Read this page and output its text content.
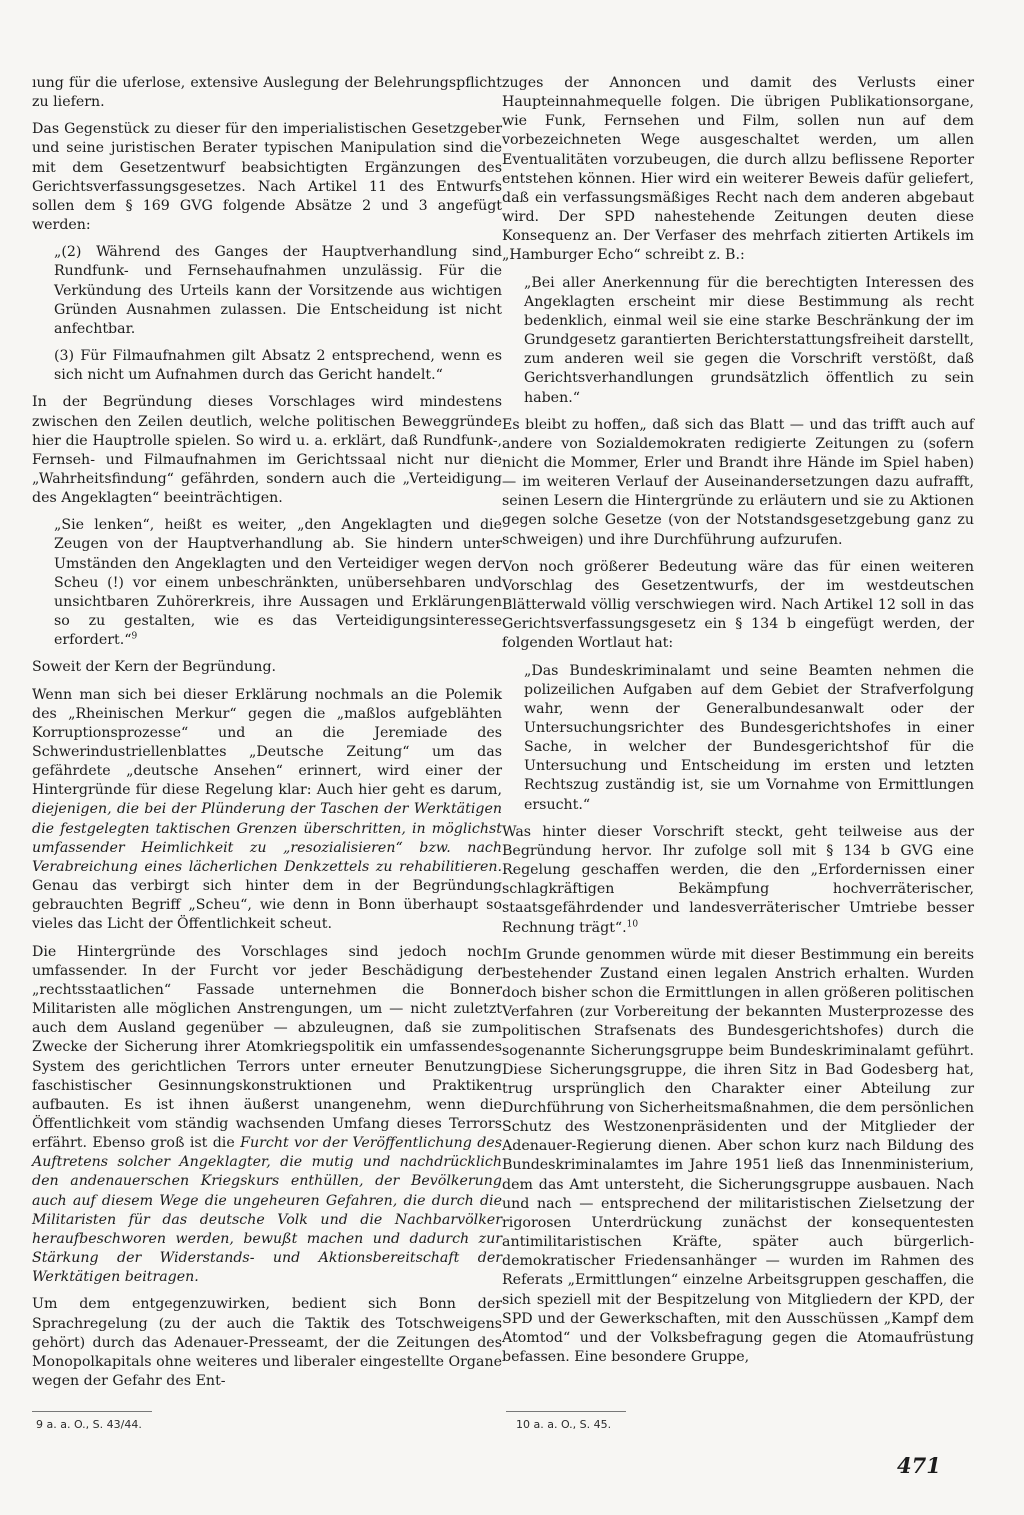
ıung für die uferlose, extensive Auslegung der Belehrungspflicht zu liefern.

Das Gegenstück zu dieser für den imperialistischen Gesetzgeber und seine juristischen Berater typischen Manipulation sind die mit dem Gesetzentwurf beabsichtigten Ergänzungen des Gerichtsverfassungsgesetzes. Nach Artikel 11 des Entwurfs sollen dem § 169 GVG folgende Absätze 2 und 3 angefügt werden:

„(2) Während des Ganges der Hauptverhandlung sind Rundfunk- und Fernsehaufnahmen unzulässig. Für die Verkündung des Urteils kann der Vorsitzende aus wichtigen Gründen Ausnahmen zulassen. Die Entscheidung ist nicht anfechtbar.

(3) Für Filmaufnahmen gilt Absatz 2 entsprechend, wenn es sich nicht um Aufnahmen durch das Gericht handelt.“

In der Begründung dieses Vorschlages wird mindestens zwischen den Zeilen deutlich, welche politischen Beweggründe hier die Hauptrolle spielen. So wird u. a. erklärt, daß Rundfunk-, Fernseh- und Filmaufnahmen im Gerichtssaal nicht nur die „Wahrheitsfindung“ gefährden, sondern auch die „Verteidigung des Angeklagten“ beeinträchtigen.

„Sie lenken“, heißt es weiter, „den Angeklagten und die Zeugen von der Hauptverhandlung ab. Sie hindern unter Umständen den Angeklagten und den Verteidiger wegen der Scheu (!) vor einem unbeschränkten, unübersehbaren und unsichtbaren Zuhörerkreis, ihre Aussagen und Erklärungen so zu gestalten, wie es das Verteidigungsinteresse erfordert.“$^9$

Soweit der Kern der Begründung.

Wenn man sich bei dieser Erklärung nochmals an die Polemik des „Rheinischen Merkur“ gegen die „maßlos aufgeblähten Korruptionsprozesse“ und an die Jeremiade des Schwerindustriellenblattes „Deutsche Zeitung“ um das gefährdete „deutsche Ansehen“ erinnert, wird einer der Hintergründe für diese Regelung klar: Auch hier geht es darum, diejenigen, die bei der Plünderung der Taschen der Werktätigen die festgelegten taktischen Grenzen überschritten, in möglichst umfassender Heimlichkeit zu „resozialisieren“ bzw. nach Verabreichung eines lächerlichen Denkzettels zu rehabilitieren. Genau das verbirgt sich hinter dem in der Begründung gebrauchten Begriff „Scheu“, wie denn in Bonn überhaupt so vieles das Licht der Öffentlichkeit scheut.

Die Hintergründe des Vorschlages sind jedoch noch umfassender. In der Furcht vor jeder Beschädigung der „rechtsstaatlichen“ Fassade unternehmen die Bonner Militaristen alle möglichen Anstrengungen, um — nicht zuletzt auch dem Ausland gegenüber — abzuleugnen, daß sie zum Zwecke der Sicherung ihrer Atomkriegspolitik ein umfassendes System des gerichtlichen Terrors unter erneuter Benutzung faschistischer Gesinnungskonstruktionen und Praktiken aufbauten. Es ist ihnen äußerst unangenehm, wenn die Öffentlichkeit vom ständig wachsenden Umfang dieses Terrors erfährt. Ebenso groß ist die Furcht vor der Veröffentlichung des Auftretens solcher Angeklagter, die mutig und nachdrücklich den andenauerschen Kriegskurs enthüllen, der Bevölkerung auch auf diesem Wege die ungeheuren Gefahren, die durch die Militaristen für das deutsche Volk und die Nachbarvölker heraufbeschworen werden, bewußt machen und dadurch zur Stärkung der Widerstands- und Aktionsbereitschaft der Werktätigen beitragen.

Um dem entgegenzuwirken, bedient sich Bonn der Sprachregelung (zu der auch die Taktik des Totschweigens gehört) durch das Adenauer-Presseamt, der die Zeitungen des Monopolkapitals ohne weiteres und liberaler eingestellte Organe wegen der Gefahr des Ent-

zuges der Annoncen und damit des Verlusts einer Haupteinnahmequelle folgen. Die übrigen Publikationsorgane, wie Funk, Fernsehen und Film, sollen nun auf dem vorbezeichneten Wege ausgeschaltet werden, um allen Eventualitäten vorzubeugen, die durch allzu beflissene Reporter entstehen können. Hier wird ein weiterer Beweis dafür geliefert, daß ein verfassungsmäßiges Recht nach dem anderen abgebaut wird. Der SPD nahestehende Zeitungen deuten diese Konsequenz an. Der Verfaser des mehrfach zitierten Artikels im „Hamburger Echo“ schreibt z. B.:

„Bei aller Anerkennung für die berechtigten Interessen des Angeklagten erscheint mir diese Bestimmung als recht bedenklich, einmal weil sie eine starke Beschränkung der im Grundgesetz garantierten Berichterstattungsfreiheit darstellt, zum anderen weil sie gegen die Vorschrift verstößt, daß Gerichtsverhandlungen grundsätzlich öffentlich zu sein haben.“

Es bleibt zu hoffen„ daß sich das Blatt — und das trifft auch auf andere von Sozialdemokraten redigierte Zeitungen zu (sofern nicht die Mommer, Erler und Brandt ihre Hände im Spiel haben) — im weiteren Verlauf der Auseinandersetzungen dazu aufrafft, seinen Lesern die Hintergründe zu erläutern und sie zu Aktionen gegen solche Gesetze (von der Notstandsgesetzgebung ganz zu schweigen) und ihre Durchführung aufzurufen.

Von noch größerer Bedeutung wäre das für einen weiteren Vorschlag des Gesetzentwurfs, der im westdeutschen Blätterwald völlig verschwiegen wird. Nach Artikel 12 soll in das Gerichtsverfassungsgesetz ein § 134 b eingefügt werden, der folgenden Wortlaut hat:

„Das Bundeskriminalamt und seine Beamten nehmen die polizeilichen Aufgaben auf dem Gebiet der Strafverfolgung wahr, wenn der Generalbundesanwalt oder der Untersuchungsrichter des Bundesgerichtshofes in einer Sache, in welcher der Bundesgerichtshof für die Untersuchung und Entscheidung im ersten und letzten Rechtszug zuständig ist, sie um Vornahme von Ermittlungen ersucht.“

Was hinter dieser Vorschrift steckt, geht teilweise aus der Begründung hervor. Ihr zufolge soll mit § 134 b GVG eine Regelung geschaffen werden, die den „Erfordernissen einer schlagkräftigen Bekämpfung hochverräterischer, staatsgefährdender und landesverräterischer Umtriebe besser Rechnung trägt“.$^{10}$

Im Grunde genommen würde mit dieser Bestimmung ein bereits bestehender Zustand einen legalen Anstrich erhalten. Wurden doch bisher schon die Ermittlungen in allen größeren politischen Verfahren (zur Vorbereitung der bekannten Musterprozesse des politischen Strafsenats des Bundesgerichtshofes) durch die sogenannte Sicherungsgruppe beim Bundeskriminalamt geführt. Diese Sicherungsgruppe, die ihren Sitz in Bad Godesberg hat, trug ursprünglich den Charakter einer Abteilung zur Durchführung von Sicherheitsmaßnahmen, die dem persönlichen Schutz des Westzonenpräsidenten und der Mitglieder der Adenauer-Regierung dienen. Aber schon kurz nach Bildung des Bundeskriminalamtes im Jahre 1951 ließ das Innenministerium, dem das Amt untersteht, die Sicherungsgruppe ausbauen. Nach und nach — entsprechend der militaristischen Zielsetzung der rigorosen Unterdrückung zunächst der konsequentesten antimilitaristischen Kräfte, später auch bürgerlich-demokratischer Friedensanhänger — wurden im Rahmen des Referats „Ermittlungen“ einzelne Arbeitsgruppen geschaffen, die sich speziell mit der Bespitzelung von Mitgliedern der KPD, der SPD und der Gewerkschaften, mit den Ausschüssen „Kampf dem Atomtod“ und der Volksbefragung gegen die Atomaufrüstung befassen. Eine besondere Gruppe,

9 a. a. O., S. 43/44.	10 a. a. O., S. 45.
471
